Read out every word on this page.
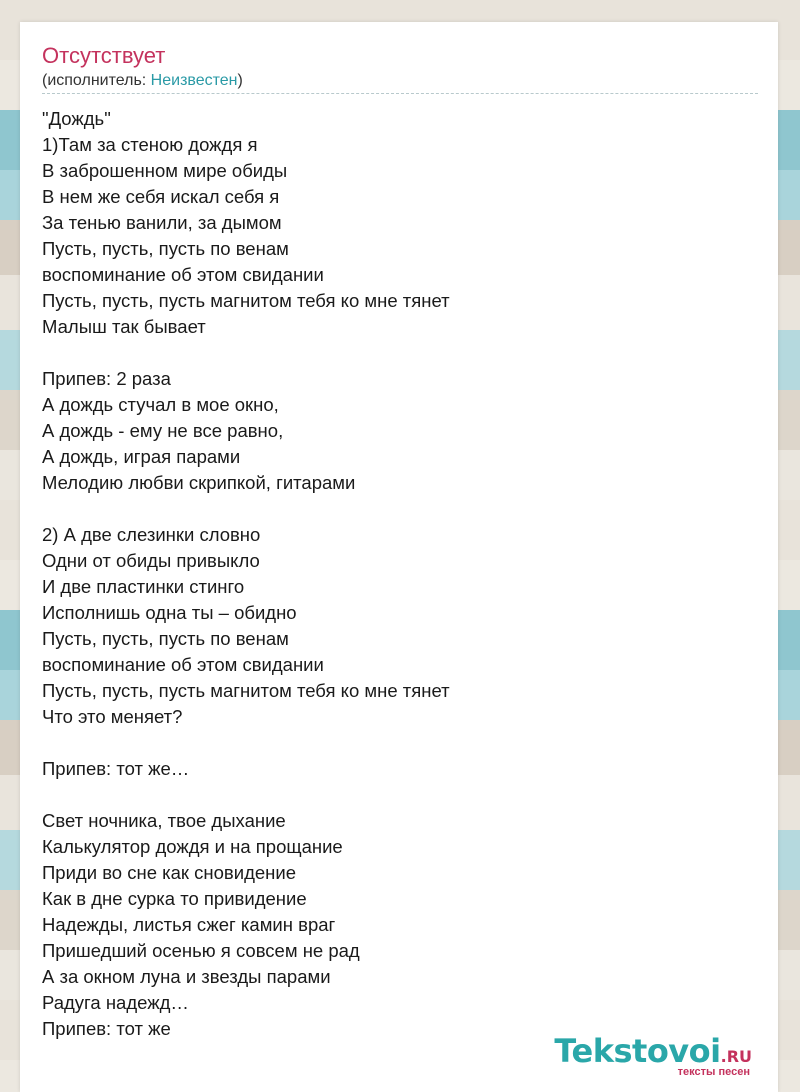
Отсутствует
(исполнитель: Неизвестен)
"Дождь"
1)Там за стеною дождя я
В заброшенном мире обиды
В нем же себя искал себя я
За тенью ванили, за дымом
Пусть, пусть, пусть по венам
воспоминание об этом свидании
Пусть, пусть, пусть магнитом тебя ко мне тянет
Малыш так бывает
Припев: 2 раза
А дождь стучал в мое окно,
А дождь - ему не все равно,
А дождь, играя парами
Мелодию любви скрипкой, гитарами
2) А две слезинки словно
Одни от обиды привыкло
И две пластинки стинго
Исполнишь одна ты – обидно
Пусть, пусть, пусть по венам
воспоминание об этом свидании
Пусть, пусть, пусть магнитом тебя ко мне тянет
Что это меняет?
Припев: тот же…
Свет ночника, твое дыхание
Калькулятор дождя и на прощание
Приди во сне как сновидение
Как в дне сурка то привидение
Надежды, листья сжег камин враг
Пришедший осенью я совсем не рад
А за окном луна и звезды парами
Радуга надежд…
Припев: тот же
Tekstovoi.RU
тексты песен
